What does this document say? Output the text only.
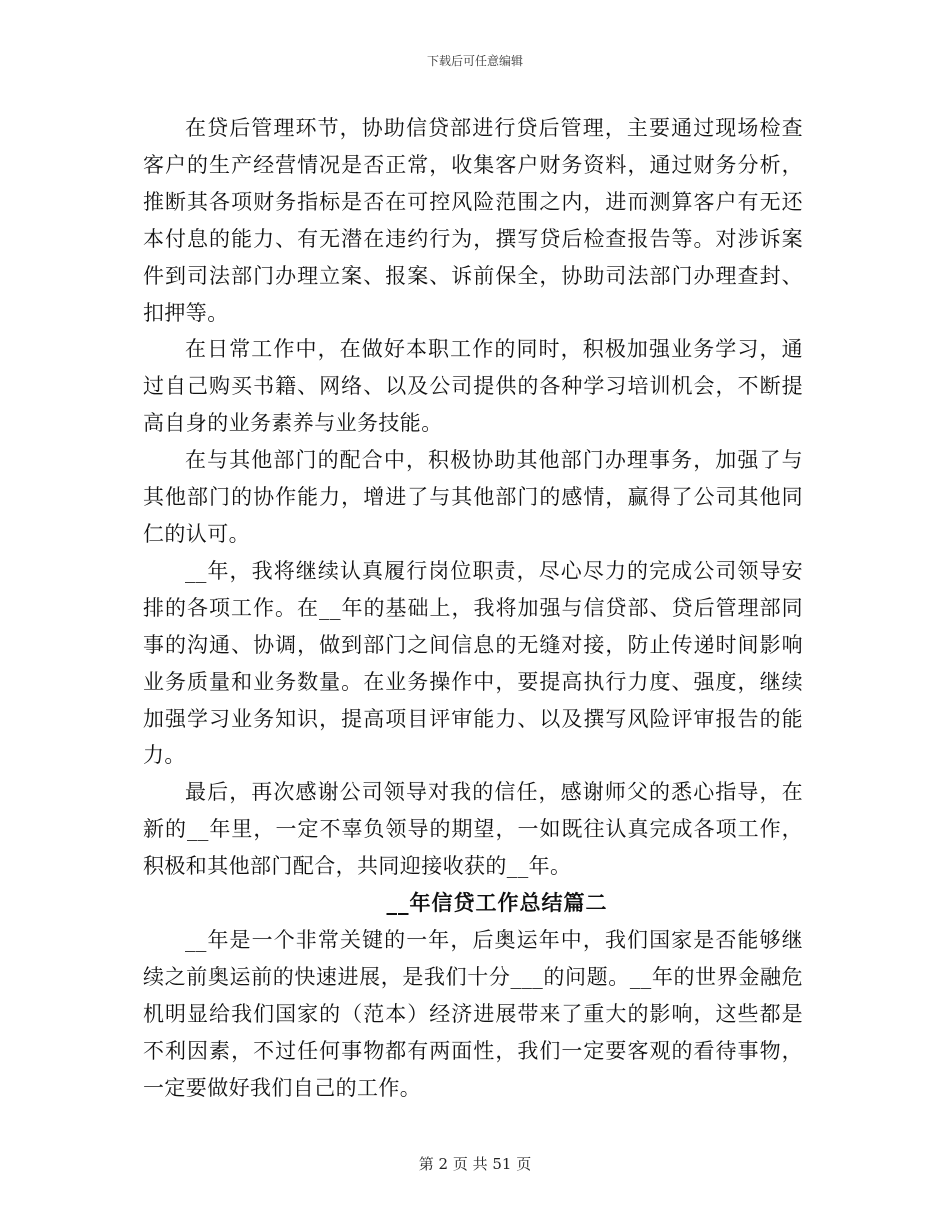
下载后可任意编辑

在贷后管理环节，协助信贷部进行贷后管理，主要通过现场检查客户的生产经营情况是否正常，收集客户财务资料，通过财务分析，推断其各项财务指标是否在可控风险范围之内，进而测算客户有无还本付息的能力、有无潜在违约行为，撰写贷后检查报告等。对涉诉案件到司法部门办理立案、报案、诉前保全，协助司法部门办理查封、扣押等。

在日常工作中，在做好本职工作的同时，积极加强业务学习，通过自己购买书籍、网络、以及公司提供的各种学习培训机会，不断提高自身的业务素养与业务技能。

在与其他部门的配合中，积极协助其他部门办理事务，加强了与其他部门的协作能力，增进了与其他部门的感情，赢得了公司其他同仁的认可。

__年，我将继续认真履行岗位职责，尽心尽力的完成公司领导安排的各项工作。在__年的基础上，我将加强与信贷部、贷后管理部同事的沟通、协调，做到部门之间信息的无缝对接，防止传递时间影响业务质量和业务数量。在业务操作中，要提高执行力度、强度，继续加强学习业务知识，提高项目评审能力、以及撰写风险评审报告的能力。

最后，再次感谢公司领导对我的信任，感谢师父的悉心指导，在新的__年里，一定不辜负领导的期望，一如既往认真完成各项工作，积极和其他部门配合，共同迎接收获的__年。

__年信贷工作总结篇二

__年是一个非常关键的一年，后奥运年中，我们国家是否能够继续之前奥运前的快速进展，是我们十分___的问题。__年的世界金融危机明显给我们国家的（范本）经济进展带来了重大的影响，这些都是不利因素，不过任何事物都有两面性，我们一定要客观的看待事物，一定要做好我们自己的工作。

第 2 页 共 51 页
